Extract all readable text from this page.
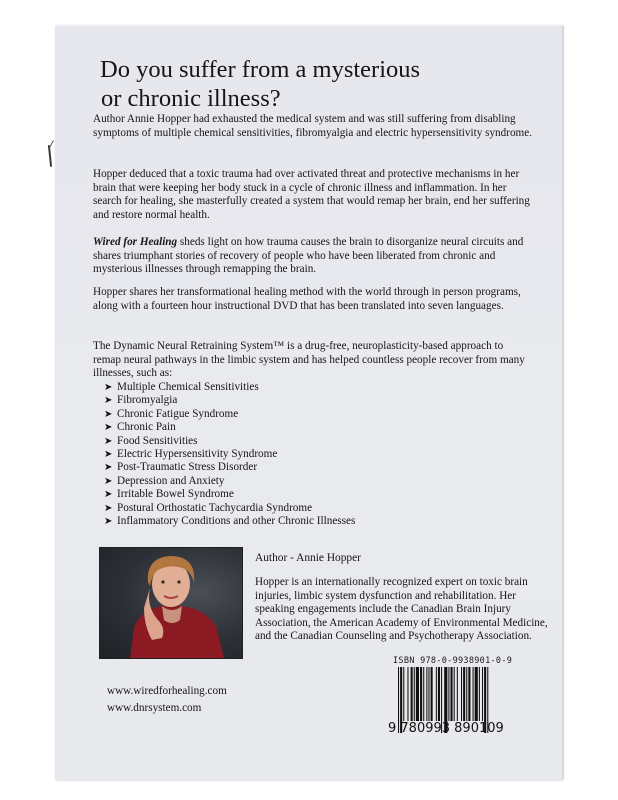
Do you suffer from a mysterious
or chronic illness?

Author Annie Hopper had exhausted the medical system and was still suffering from disabling symptoms of multiple chemical sensitivities, fibromyalgia and electric hypersensitivity syndrome.

Hopper deduced that a toxic trauma had over activated threat and protective mechanisms in her brain that were keeping her body stuck in a cycle of chronic illness and inflammation. In her search for healing, she masterfully created a system that would remap her brain, end her suffering and restore normal health.

Wired for Healing sheds light on how trauma causes the brain to disorganize neural circuits and shares triumphant stories of recovery of people who have been liberated from chronic and mysterious illnesses through remapping the brain.

Hopper shares her transformational healing method with the world through in person programs, along with a fourteen hour instructional DVD that has been translated into seven languages.

The Dynamic Neural Retraining System™ is a drug-free, neuroplasticity-based approach to remap neural pathways in the limbic system and has helped countless people recover from many illnesses, such as:

➤ Multiple Chemical Sensitivities
➤ Fibromyalgia
➤ Chronic Fatigue Syndrome
➤ Chronic Pain
➤ Food Sensitivities
➤ Electric Hypersensitivity Syndrome
➤ Post-Traumatic Stress Disorder
➤ Depression and Anxiety
➤ Irritable Bowel Syndrome
➤ Postural Orthostatic Tachycardia Syndrome
➤ Inflammatory Conditions and other Chronic Illnesses

Author - Annie Hopper

Hopper is an internationally recognized expert on toxic brain injuries, limbic system dysfunction and rehabilitation. Her speaking engagements include the Canadian Brain Injury Association, the American Academy of Environmental Medicine, and the Canadian Counseling and Psychotherapy Association.

www.wiredforhealing.com
www.dnrsystem.com
ISBN 978-0-9938901-0-9
9 780993 890109
